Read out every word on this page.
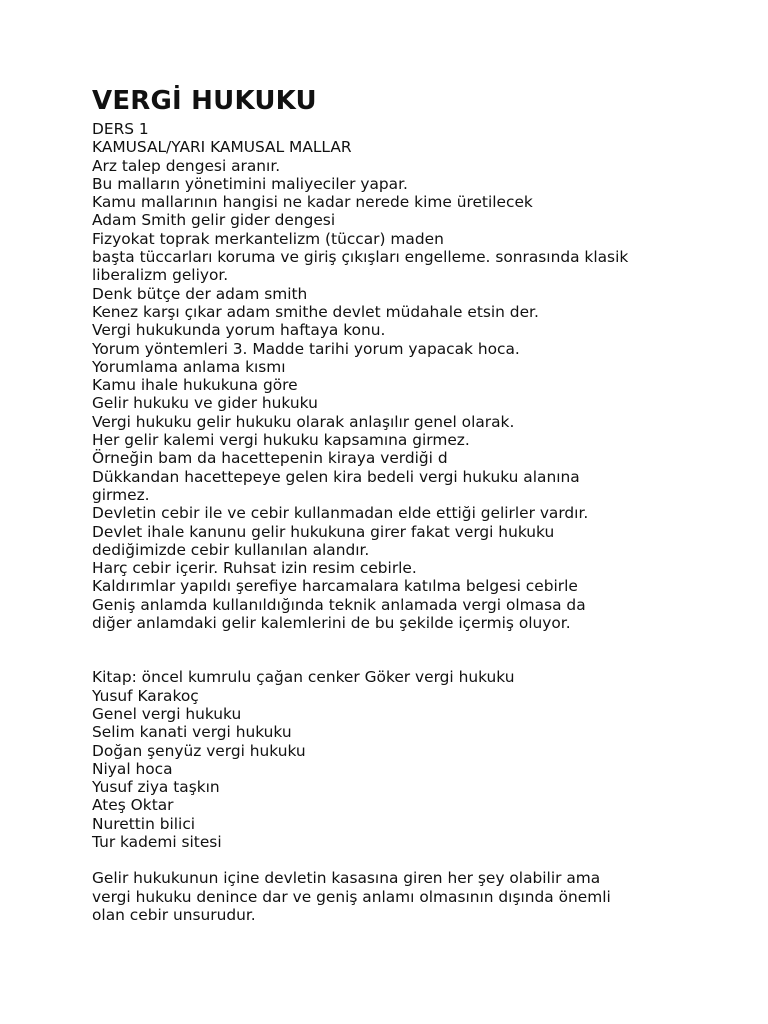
VERGİ HUKUKU
DERS 1
KAMUSAL/YARI KAMUSAL MALLAR
Arz talep dengesi aranır.
Bu malların yönetimini maliyeciler yapar.
Kamu mallarının hangisi ne kadar nerede kime üretilecek
Adam Smith gelir gider dengesi
Fizyokat toprak merkantelizm (tüccar) maden
başta tüccarları koruma ve giriş çıkışları engelleme. sonrasında klasik
liberalizm geliyor.
Denk bütçe der adam smith
Kenez karşı çıkar adam smithe devlet müdahale etsin der.
Vergi hukukunda yorum haftaya konu.
Yorum yöntemleri 3. Madde tarihi yorum yapacak hoca.
Yorumlama anlama kısmı
Kamu ihale hukukuna göre
Gelir hukuku ve gider hukuku
Vergi hukuku gelir hukuku olarak anlaşılır genel olarak.
Her gelir kalemi vergi hukuku kapsamına girmez.
Örneğin bam da hacettepenin kiraya verdiği d
Dükkandan hacettepeye gelen kira bedeli vergi hukuku alanına
girmez.
Devletin cebir ile ve cebir kullanmadan elde ettiği gelirler vardır.
Devlet ihale kanunu gelir hukukuna girer fakat vergi hukuku
dediğimizde cebir kullanılan alandır.
Harç cebir içerir. Ruhsat izin resim cebirle.
Kaldırımlar yapıldı şerefiye harcamalara katılma belgesi cebirle
Geniş anlamda kullanıldığında teknik anlamada vergi olmasa da
diğer anlamdaki gelir kalemlerini de bu şekilde içermiş oluyor.
Kitap: öncel kumrulu çağan cenker Göker vergi hukuku
Yusuf Karakoç
Genel vergi hukuku
Selim kanati vergi hukuku
Doğan şenyüz vergi hukuku
Niyal hoca
Yusuf ziya taşkın
Ateş Oktar
Nurettin bilici
Tur kademi sitesi
Gelir hukukunun içine devletin kasasına giren her şey olabilir ama
vergi hukuku denince dar ve geniş anlamı olmasının dışında önemli
olan cebir unsurudur.
